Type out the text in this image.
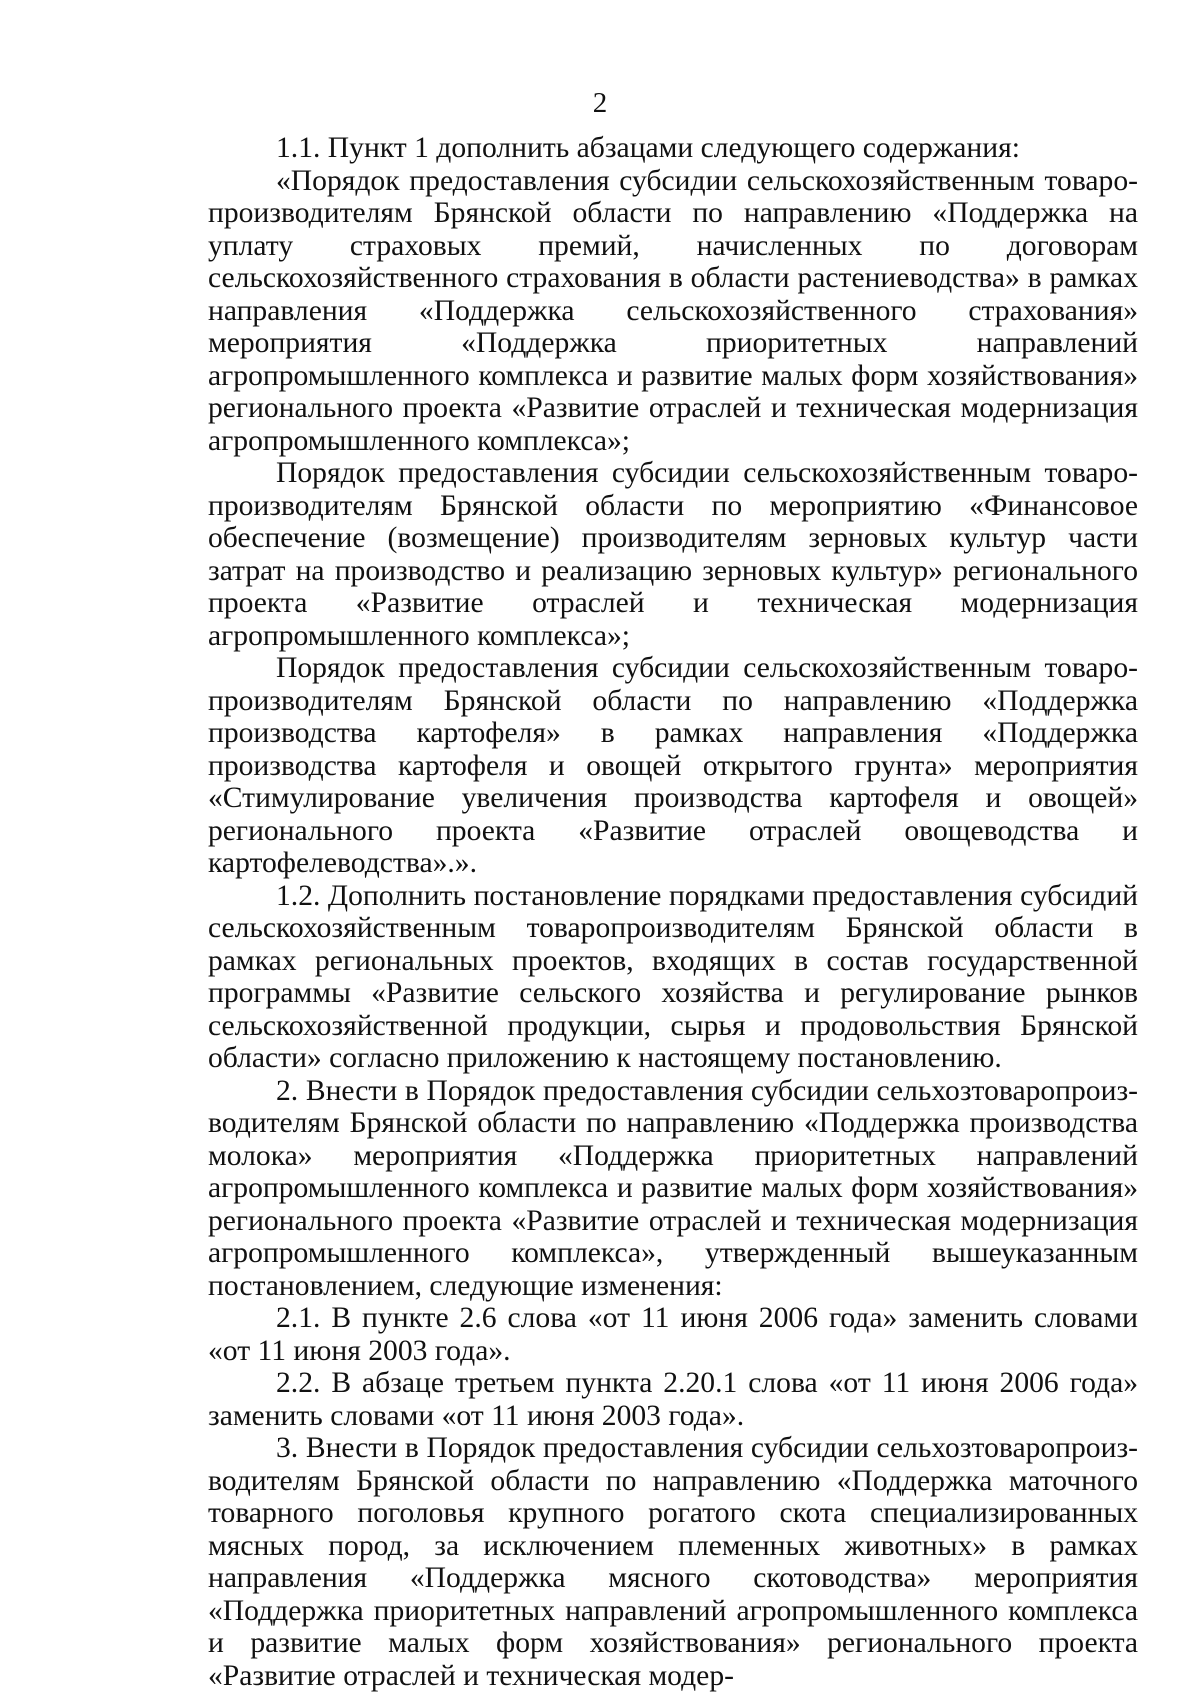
2

1.1. Пункт 1 дополнить абзацами следующего содержания:

«Порядок предоставления субсидии сельскохозяйственным товаропроизводителям Брянской области по направлению «Поддержка на уплату страховых премий, начисленных по договорам сельскохозяйственного страхования в области растениеводства» в рамках направления «Поддержка сельскохозяйственного страхования» мероприятия «Поддержка приоритетных направлений агропромышленного комплекса и развитие малых форм хозяйствования» регионального проекта «Развитие отраслей и техническая модернизация агропромышленного комплекса»;

Порядок предоставления субсидии сельскохозяйственным товаропроизводителям Брянской области по мероприятию «Финансовое обеспечение (возмещение) производителям зерновых культур части затрат на производство и реализацию зерновых культур» регионального проекта «Развитие отраслей и техническая модернизация агропромышленного комплекса»;

Порядок предоставления субсидии сельскохозяйственным товаропроизводителям Брянской области по направлению «Поддержка производства картофеля» в рамках направления «Поддержка производства картофеля и овощей открытого грунта» мероприятия «Стимулирование увеличения производства картофеля и овощей» регионального проекта «Развитие отраслей овощеводства и картофелеводства».».

1.2. Дополнить постановление порядками предоставления субсидий сельскохозяйственным товаропроизводителям Брянской области в рамках региональных проектов, входящих в состав государственной программы «Развитие сельского хозяйства и регулирование рынков сельскохозяйственной продукции, сырья и продовольствия Брянской области» согласно приложению к настоящему постановлению.

2. Внести в Порядок предоставления субсидии сельхозтоваропроизводителям Брянской области по направлению «Поддержка производства молока» мероприятия «Поддержка приоритетных направлений агропромышленного комплекса и развитие малых форм хозяйствования» регионального проекта «Развитие отраслей и техническая модернизация агропромышленного комплекса», утвержденный вышеуказанным постановлением, следующие изменения:

2.1. В пункте 2.6 слова «от 11 июня 2006 года» заменить словами «от 11 июня 2003 года».

2.2. В абзаце третьем пункта 2.20.1 слова «от 11 июня 2006 года» заменить словами «от 11 июня 2003 года».

3. Внести в Порядок предоставления субсидии сельхозтоваропроизводителям Брянской области по направлению «Поддержка маточного товарного поголовья крупного рогатого скота специализированных мясных пород, за исключением племенных животных» в рамках направления «Поддержка мясного скотоводства» мероприятия «Поддержка приоритетных направлений агропромышленного комплекса и развитие малых форм хозяйствования» регионального проекта «Развитие отраслей и техническая модер-
